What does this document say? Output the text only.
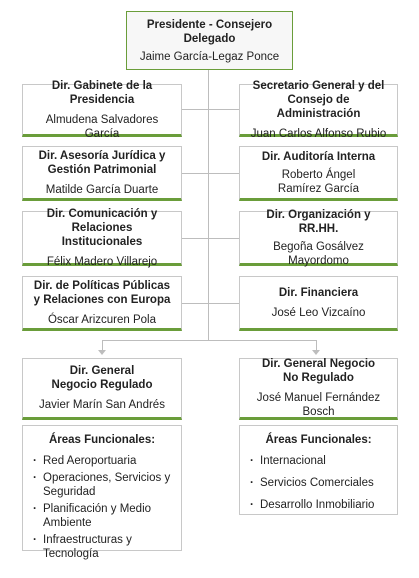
Presidente - Consejero Delegado
Jaime García-Legaz Ponce
Dir. Gabinete de la Presidencia
Almudena Salvadores García
Dir. Asesoría Jurídica y Gestión Patrimonial
Matilde García Duarte
Dir. Comunicación y Relaciones Institucionales
Félix Madero Villarejo
Dir. de Políticas Públicas y Relaciones con Europa
Óscar Arizcuren Pola
Secretario General y del Consejo de Administración
Juan Carlos Alfonso Rubio
Dir. Auditoría Interna
Roberto Ángel Ramírez García
Dir. Organización y RR.HH.
Begoña Gosálvez Mayordomo
Dir. Financiera
José Leo Vizcaíno
Dir. General Negocio Regulado
Javier Marín San Andrés
Dir. General Negocio No Regulado
José Manuel Fernández Bosch
Áreas Funcionales:
· Red Aeroportuaria
· Operaciones, Servicios y Seguridad
· Planificación y Medio Ambiente
· Infraestructuras y Tecnología
Áreas Funcionales:
· Internacional
· Servicios Comerciales
· Desarrollo Inmobiliario
